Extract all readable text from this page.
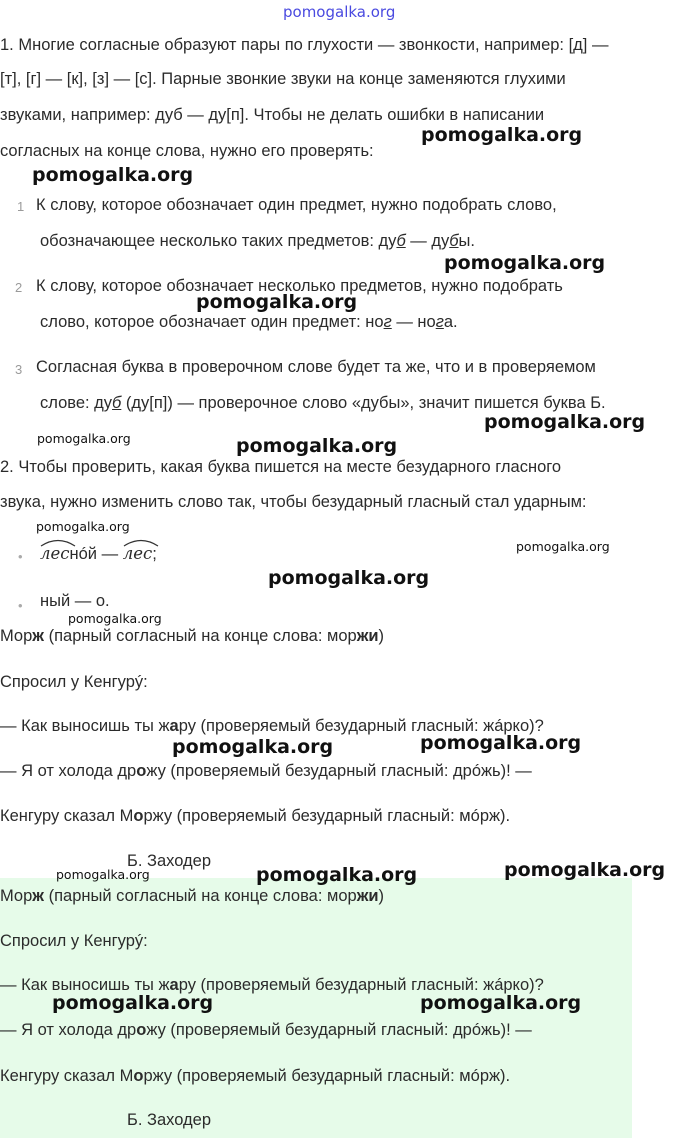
pomogalka.org
1. Многие согласные образуют пары по глухости — звонкости, например: [д] —
[т], [г] — [к], [з] — [с]. Парные звонкие звуки на конце заменяются глухими
звуками, например: дуб — ду[п]. Чтобы не делать ошибки в написании
согласных на конце слова, нужно его проверять:
pomogalka.org
pomogalka.org
1 К слову, которое обозначает один предмет, нужно подобрать слово,
обозначающее несколько таких предметов: дуб — дубы.
pomogalka.org
2 К слову, которое обозначает несколько предметов, нужно подобрать
pomogalka.org
слово, которое обозначает один предмет: ног — нога.
3 Согласная буква в проверочном слове будет та же, что и в проверяемом
слове: дуб (ду[п]) — проверочное слово «дубы», значит пишется буква Б.
pomogalka.org
pomogalka.org	pomogalka.org
2. Чтобы проверить, какая буква пишется на месте безударного гласного
звука, нужно изменить слово так, чтобы безударный гласный стал ударным:
pomogalka.org
• леснóй — лес;	pomogalka.org
pomogalka.org
• ный — о.
pomogalka.org
Морж (парный согласный на конце слова: моржи)
Спросил у Кенгурý:
— Как выносишь ты жару (проверяемый безударный гласный: жáрко)?
pomogalka.org	pomogalka.org
— Я от холода дрожу (проверяемый безударный гласный: дрóжь)! —
Кенгуру сказал Моржу (проверяемый безударный гласный: мóрж).
Б. Заходер
pomogalka.org	pomogalka.org	pomogalka.org
Морж (парный согласный на конце слова: моржи)
Спросил у Кенгурý:
— Как выносишь ты жару (проверяемый безударный гласный: жáрко)?
pomogalka.org	pomogalka.org
— Я от холода дрожу (проверяемый безударный гласный: дрóжь)! —
Кенгуру сказал Моржу (проверяемый безударный гласный: мóрж).
Б. Заходер
